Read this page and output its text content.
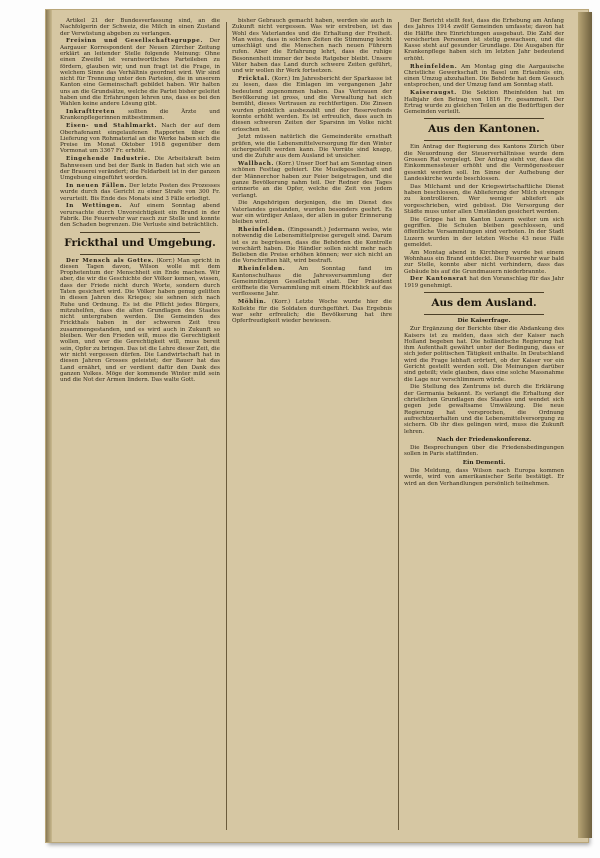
Artikel 21 der Bundesverfassung sind, an die Nachfolgerin der Schweiz, die Milch in einen Zustand der Verwüstung abgeben zu verlangen.

Freisinn und Gesellschaftsgruppe. Der Aargauer Korrespondent der Neuen Zürcher Zeitung erklärt an leitender Stelle folgende Meinung: Ohne einen Zweifel ist verantwortliches Parteileben zu fördern, glauben wir, und nun fragt ist die Frage, in welchem Sinne das Verhältnis geordnet wird. Wir sind nicht für Trennung unter den Parteien, die in unserem Kanton eine Gemeinschaft gebildet haben. Wir halten uns an die Grundsätze, welche die Partei bisher geleitet haben und die Erfahrungen lehren uns, dass es bei den Wahlen keine andere Lösung gibt.

Inkrafttreten sollten die Ärzte und Krankenpflegerinnen mitbestimmen.

Eisen- und Stahlmarkt. Nach der auf dem Oberhafenamt eingelaufenen Rapporten über die Lieferung von Rohmaterial an die Werke haben sich die Preise im Monat Oktober 1918 gegenüber dem Vormonat um 3367 Fr. erhöht.

Eingehende Industrie. Die Arbeitskraft beim Bahnwesen und bei der Bank in Baden hat sich wie an der Brauerei verändert; die Feldarbeit ist in der ganzen Umgebung eingeführt worden.

In neuen Fällen. Der letzte Posten des Prozesses wurde durch das Gericht zu einer Strafe von 300 Fr. verurteilt. Bis Ende des Monats sind 3 Fälle erledigt.

In Wettingen. Auf einem Sonntag abend verursachte durch Unvorsichtigkeit ein Brand in der Fabrik. Die Feuerwehr war rasch zur Stelle und konnte den Schaden begrenzen. Die Verluste sind beträchtlich.

Frickthal und Umgebung.

Der Mensch als Gottes. (Korr.) Man spricht in diesen Tagen davon, Wilson wolle mit dem Prophetentum der Menschheit ein Ende machen. Wir aber, die wir die Geschichte der Völker kennen, wissen, dass der Friede nicht durch Worte, sondern durch Taten gesichert wird. Die Völker haben genug gelitten in diesen Jahren des Krieges; sie sehnen sich nach Ruhe und Ordnung. Es ist die Pflicht jedes Bürgers, mitzuhelfen, dass die alten Grundlagen des Staates nicht untergraben werden. Die Gemeinden des Frickthals haben in der schweren Zeit treu zusammengestanden, und es wird auch in Zukunft so bleiben. Wer den Frieden will, muss die Gerechtigkeit wollen, und wer die Gerechtigkeit will, muss bereit sein, Opfer zu bringen. Das ist die Lehre dieser Zeit, die wir nicht vergessen dürfen. Die Landwirtschaft hat in diesen Jahren Grosses geleistet; der Bauer hat das Land ernährt, und er verdient dafür den Dank des ganzen Volkes. Möge der kommende Winter mild sein und die Not der Armen lindern. Das walte Gott.

bisher Gebrauch gemacht haben, werden sie auch in Zukunft nicht vergessen. Was wir erstreben, ist das Wohl des Vaterlandes und die Erhaltung der Freiheit. Man weiss, dass in solchen Zeiten die Stimmung leicht umschlägt und die Menschen nach neuen Führern rufen. Aber die Erfahrung lehrt, dass die ruhige Besonnenheit immer der beste Ratgeber bleibt. Unsere Väter haben das Land durch schwere Zeiten geführt, und wir wollen ihr Werk fortsetzen.

Fricktal. (Korr.) Im Jahresbericht der Sparkasse ist zu lesen, dass die Einlagen im vergangenen Jahr bedeutend zugenommen haben. Das Vertrauen der Bevölkerung ist gross, und die Verwaltung hat sich bemüht, dieses Vertrauen zu rechtfertigen. Die Zinsen wurden pünktlich ausbezahlt und der Reservefonds konnte erhöht werden. Es ist erfreulich, dass auch in diesen schweren Zeiten der Sparsinn im Volke nicht erloschen ist.

Jetzt müssen natürlich die Gemeinderäte ernsthaft prüfen, wie die Lebensmittelversorgung für den Winter sichergestellt werden kann. Die Vorräte sind knapp, und die Zufuhr aus dem Ausland ist unsicher.

Wallbach. (Korr.) Unser Dorf hat am Sonntag einen schönen Festtag gefeiert. Die Musikgesellschaft und der Männerchor haben zur Feier beigetragen, und die ganze Bevölkerung nahm teil. Der Redner des Tages erinnerte an die Opfer, welche die Zeit von jedem verlangt.

Die Angehörigen derjenigen, die im Dienst des Vaterlandes gestanden, wurden besonders geehrt. Es war ein würdiger Anlass, der allen in guter Erinnerung bleiben wird.

Rheinfelden. (Eingesandt.) Jedermann weiss, wie notwendig die Lebensmittelpreise geregelt sind. Darum ist es zu begrüssen, dass die Behörden die Kontrolle verschärft haben. Die Händler sollen nicht mehr nach Belieben die Preise erhöhen können; wer sich nicht an die Vorschriften hält, wird bestraft.

Rheinfelden. Am Sonntag fand im Kantonschulhaus die Jahresversammlung der Gemeinnützigen Gesellschaft statt. Der Präsident eröffnete die Versammlung mit einem Rückblick auf das verflossene Jahr.

Möhlin. (Korr.) Letzte Woche wurde hier die Kollekte für die Soldaten durchgeführt. Das Ergebnis war sehr erfreulich; die Bevölkerung hat ihre Opferfreudigkeit wieder bewiesen.

Der Bericht stellt fest, dass die Erhebung am Anfang des Jahres 1914 zwölf Gemeinden umfasste; davon hat die Hälfte ihre Einrichtungen ausgebaut. Die Zahl der versicherten Personen ist stetig gewachsen, und die Kasse steht auf gesunder Grundlage. Die Ausgaben für Krankenpflege haben sich im letzten Jahr bedeutend erhöht.

Rheinfelden. Am Montag ging die Aargauische Christliche Gewerkschaft in Basel um Erlaubnis ein, einen Umzug abzuhalten. Die Behörde hat dem Gesuch entsprochen, und der Umzug fand am Sonntag statt.

Kaiseraugst. Die Sektion Rheinfelden hat im Halbjahr den Betrag von 1816 Fr. gesammelt. Der Ertrag wurde zu gleichen Teilen an die Bedürftigen der Gemeinden verteilt.

Aus den Kantonen.

Ein Antrag der Regierung des Kantons Zürich über die Neuordnung der Steuerverhältnisse wurde dem Grossen Rat vorgelegt. Der Antrag sieht vor, dass die Einkommenssteuer erhöht und die Vermögenssteuer gesenkt werden soll. Im Sinne der Aufhebung der Landeskirche wurde beschlossen.

Das Milchamt und der Kriegswirtschaftliche Dienst haben beschlossen, die Ablieferung der Milch strenger zu kontrollieren. Wer weniger abliefert als vorgeschrieben, wird gebüsst. Die Versorgung der Städte muss unter allen Umständen gesichert werden.

Die Grippe hat im Kanton Luzern weiter um sich gegriffen. Die Schulen bleiben geschlossen, und öffentliche Versammlungen sind verboten. In der Stadt Luzern wurden in der letzten Woche 43 neue Fälle gemeldet.

Am Montag abend in Kirchberg wurde bei einem Wohnhaus ein Brand entdeckt. Die Feuerwehr war bald zur Stelle, konnte aber nicht verhindern, dass das Gebäude bis auf die Grundmauern niederbrannte.

Der Kantonsrat hat den Voranschlag für das Jahr 1919 genehmigt.

Aus dem Ausland.
Die Kaiserfrage.

Zur Ergänzung der Berichte über die Abdankung des Kaisers ist zu melden, dass sich der Kaiser nach Holland begeben hat. Die holländische Regierung hat ihm Aufenthalt gewährt unter der Bedingung, dass er sich jeder politischen Tätigkeit enthalte. In Deutschland wird die Frage lebhaft erörtert, ob der Kaiser vor ein Gericht gestellt werden soll. Die Meinungen darüber sind geteilt; viele glauben, dass eine solche Massnahme die Lage nur verschlimmern würde.

Die Stellung des Zentrums ist durch die Erklärung der Germania bekannt. Es verlangt die Erhaltung der christlichen Grundlagen des Staates und wendet sich gegen jede gewaltsame Umwälzung. Die neue Regierung hat versprochen, die Ordnung aufrechtzuerhalten und die Lebensmittelversorgung zu sichern. Ob ihr dies gelingen wird, muss die Zukunft lehren.

Nach der Friedenskonferenz.

Die Besprechungen über die Friedensbedingungen sollen in Paris stattfinden.

Ein Dementi.

Die Meldung, dass Wilson nach Europa kommen werde, wird von amerikanischer Seite bestätigt. Er wird an den Verhandlungen persönlich teilnehmen.
